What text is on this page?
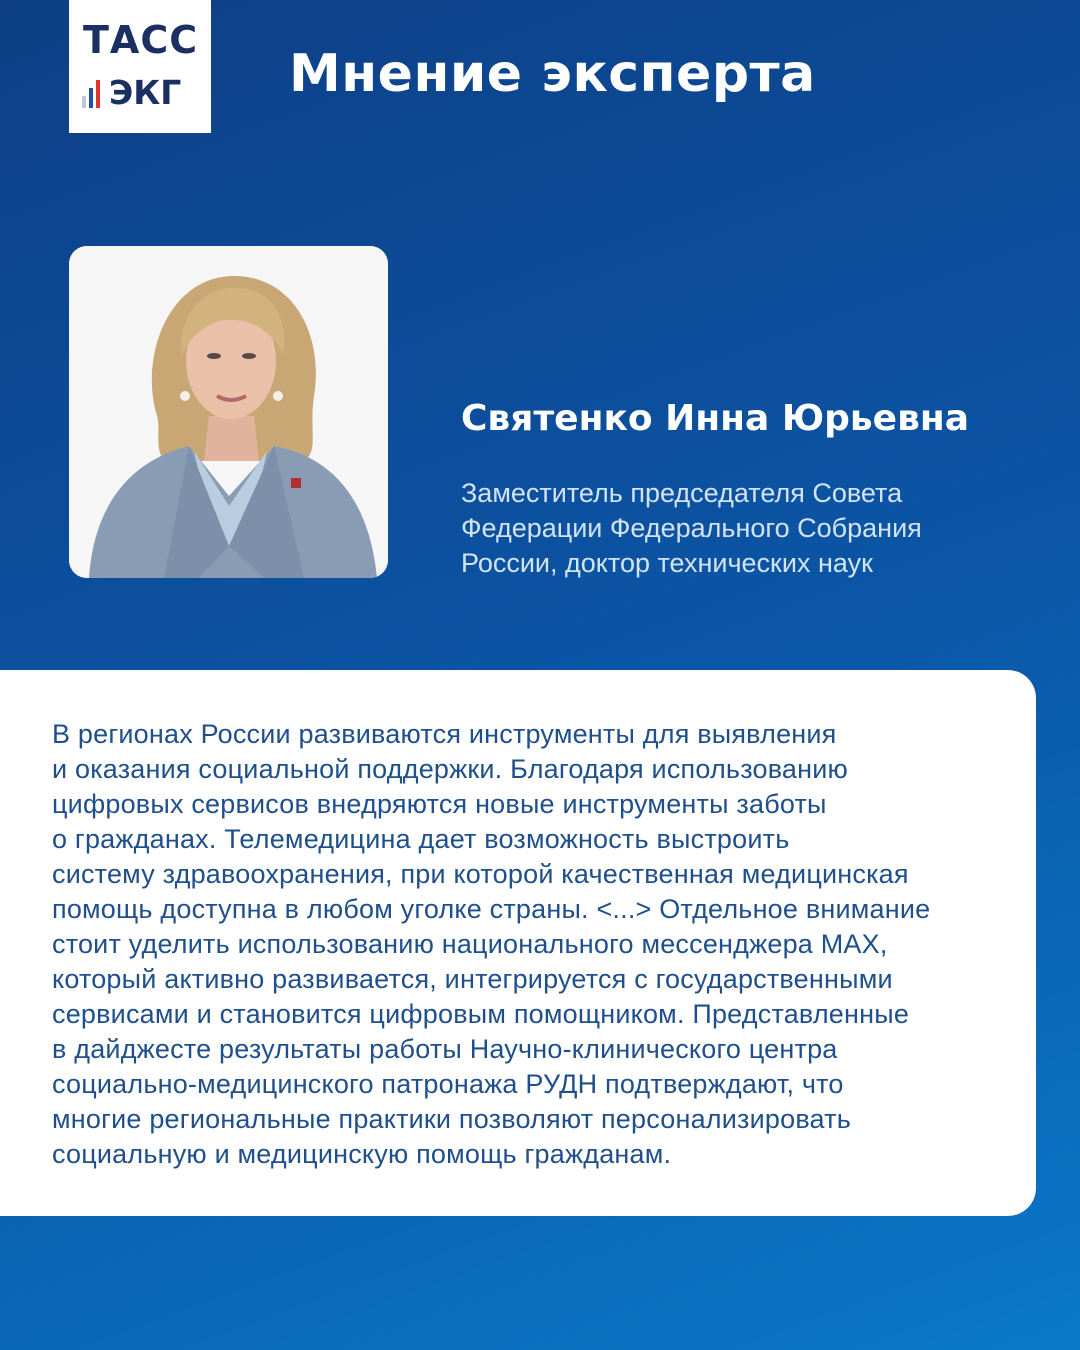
ТАСС
ЭКГ Мнение эксперта
Святенко Инна Юрьевна
Заместитель председателя Совета
Федерации Федерального Собрания
России, доктор технических наук

В регионах России развиваются инструменты для выявления
и оказания социальной поддержки. Благодаря использованию
цифровых сервисов внедряются новые инструменты заботы
о гражданах. Телемедицина дает возможность выстроить
систему здравоохранения, при которой качественная медицинская
помощь доступна в любом уголке страны. <...> Отдельное внимание
стоит уделить использованию национального мессенджера MAX,
который активно развивается, интегрируется с государственными
сервисами и становится цифровым помощником. Представленные
в дайджесте результаты работы Научно-клинического центра
социально-медицинского патронажа РУДН подтверждают, что
многие региональные практики позволяют персонализировать
социальную и медицинскую помощь гражданам.
